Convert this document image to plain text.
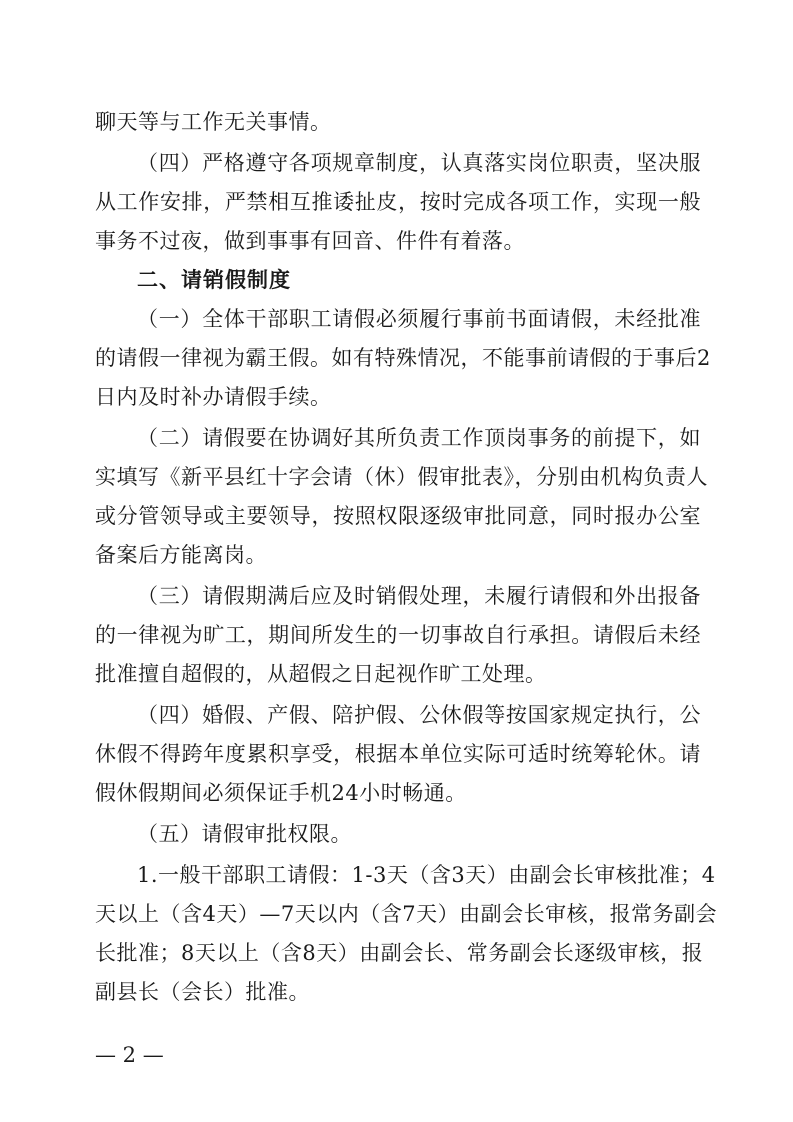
聊天等与工作无关事情。
（四）严格遵守各项规章制度，认真落实岗位职责，坚决服
从工作安排，严禁相互推诿扯皮，按时完成各项工作，实现一般
事务不过夜，做到事事有回音、件件有着落。
二、请销假制度
（一）全体干部职工请假必须履行事前书面请假，未经批准
的请假一律视为霸王假。如有特殊情况，不能事前请假的于事后2
日内及时补办请假手续。
（二）请假要在协调好其所负责工作顶岗事务的前提下，如
实填写《新平县红十字会请（休）假审批表》，分别由机构负责人
或分管领导或主要领导，按照权限逐级审批同意，同时报办公室
备案后方能离岗。
（三）请假期满后应及时销假处理，未履行请假和外出报备
的一律视为旷工，期间所发生的一切事故自行承担。请假后未经
批准擅自超假的，从超假之日起视作旷工处理。
（四）婚假、产假、陪护假、公休假等按国家规定执行，公
休假不得跨年度累积享受，根据本单位实际可适时统筹轮休。请
假休假期间必须保证手机24小时畅通。
（五）请假审批权限。
1.一般干部职工请假：1-3天（含3天）由副会长审核批准；4
天以上（含4天）—7天以内（含7天）由副会长审核，报常务副会
长批准；8天以上（含8天）由副会长、常务副会长逐级审核，报
副县长（会长）批准。
— 2 —
